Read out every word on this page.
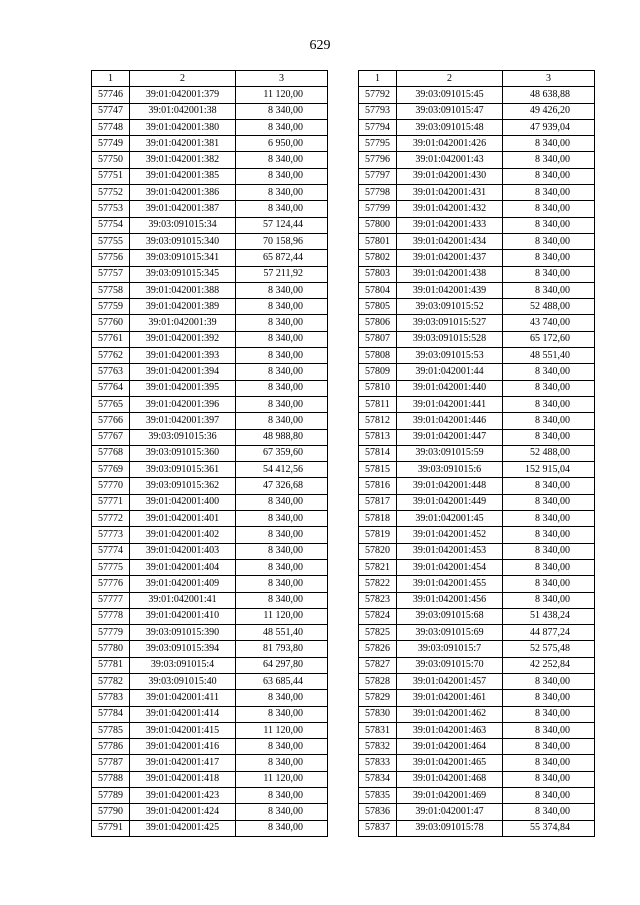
629
1	2	3
57746	39:01:042001:379	11 120,00
57747	39:01:042001:38	8 340,00
57748	39:01:042001:380	8 340,00
57749	39:01:042001:381	6 950,00
57750	39:01:042001:382	8 340,00
57751	39:01:042001:385	8 340,00
57752	39:01:042001:386	8 340,00
57753	39:01:042001:387	8 340,00
57754	39:03:091015:34	57 124,44
57755	39:03:091015:340	70 158,96
57756	39:03:091015:341	65 872,44
57757	39:03:091015:345	57 211,92
57758	39:01:042001:388	8 340,00
57759	39:01:042001:389	8 340,00
57760	39:01:042001:39	8 340,00
57761	39:01:042001:392	8 340,00
57762	39:01:042001:393	8 340,00
57763	39:01:042001:394	8 340,00
57764	39:01:042001:395	8 340,00
57765	39:01:042001:396	8 340,00
57766	39:01:042001:397	8 340,00
57767	39:03:091015:36	48 988,80
57768	39:03:091015:360	67 359,60
57769	39:03:091015:361	54 412,56
57770	39:03:091015:362	47 326,68
57771	39:01:042001:400	8 340,00
57772	39:01:042001:401	8 340,00
57773	39:01:042001:402	8 340,00
57774	39:01:042001:403	8 340,00
57775	39:01:042001:404	8 340,00
57776	39:01:042001:409	8 340,00
57777	39:01:042001:41	8 340,00
57778	39:01:042001:410	11 120,00
57779	39:03:091015:390	48 551,40
57780	39:03:091015:394	81 793,80
57781	39:03:091015:4	64 297,80
57782	39:03:091015:40	63 685,44
57783	39:01:042001:411	8 340,00
57784	39:01:042001:414	8 340,00
57785	39:01:042001:415	11 120,00
57786	39:01:042001:416	8 340,00
57787	39:01:042001:417	8 340,00
57788	39:01:042001:418	11 120,00
57789	39:01:042001:423	8 340,00
57790	39:01:042001:424	8 340,00
57791	39:01:042001:425	8 340,00
1	2	3
57792	39:03:091015:45	48 638,88
57793	39:03:091015:47	49 426,20
57794	39:03:091015:48	47 939,04
57795	39:01:042001:426	8 340,00
57796	39:01:042001:43	8 340,00
57797	39:01:042001:430	8 340,00
57798	39:01:042001:431	8 340,00
57799	39:01:042001:432	8 340,00
57800	39:01:042001:433	8 340,00
57801	39:01:042001:434	8 340,00
57802	39:01:042001:437	8 340,00
57803	39:01:042001:438	8 340,00
57804	39:01:042001:439	8 340,00
57805	39:03:091015:52	52 488,00
57806	39:03:091015:527	43 740,00
57807	39:03:091015:528	65 172,60
57808	39:03:091015:53	48 551,40
57809	39:01:042001:44	8 340,00
57810	39:01:042001:440	8 340,00
57811	39:01:042001:441	8 340,00
57812	39:01:042001:446	8 340,00
57813	39:01:042001:447	8 340,00
57814	39:03:091015:59	52 488,00
57815	39:03:091015:6	152 915,04
57816	39:01:042001:448	8 340,00
57817	39:01:042001:449	8 340,00
57818	39:01:042001:45	8 340,00
57819	39:01:042001:452	8 340,00
57820	39:01:042001:453	8 340,00
57821	39:01:042001:454	8 340,00
57822	39:01:042001:455	8 340,00
57823	39:01:042001:456	8 340,00
57824	39:03:091015:68	51 438,24
57825	39:03:091015:69	44 877,24
57826	39:03:091015:7	52 575,48
57827	39:03:091015:70	42 252,84
57828	39:01:042001:457	8 340,00
57829	39:01:042001:461	8 340,00
57830	39:01:042001:462	8 340,00
57831	39:01:042001:463	8 340,00
57832	39:01:042001:464	8 340,00
57833	39:01:042001:465	8 340,00
57834	39:01:042001:468	8 340,00
57835	39:01:042001:469	8 340,00
57836	39:01:042001:47	8 340,00
57837	39:03:091015:78	55 374,84
